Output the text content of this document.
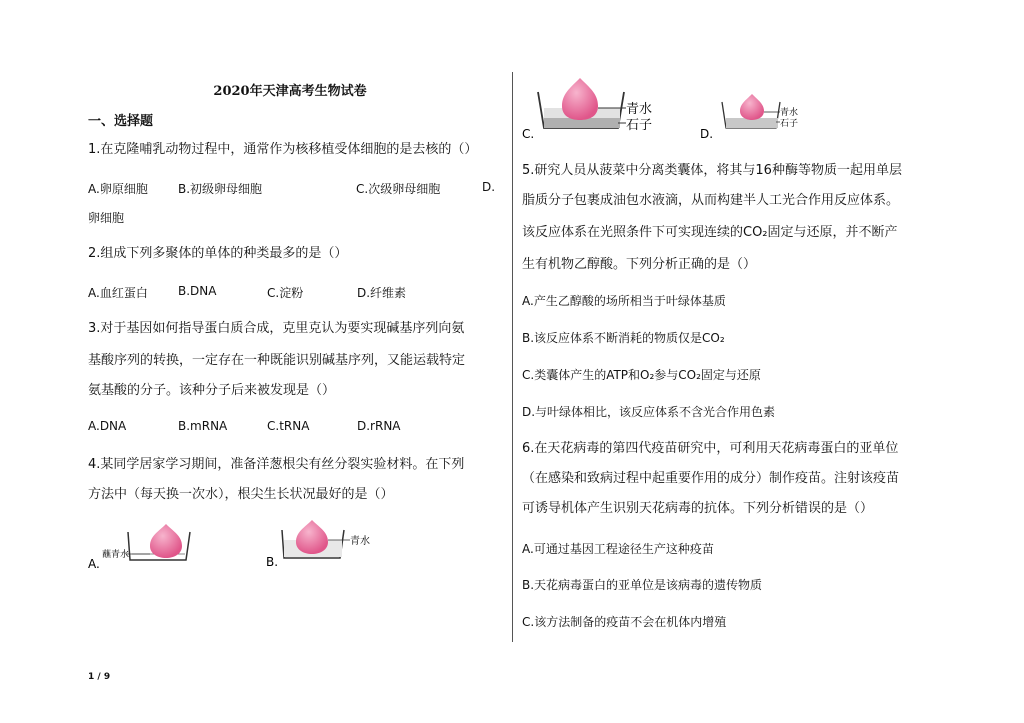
2020年天津高考生物试卷
一、选择题
1.在克隆哺乳动物过程中，通常作为核移植受体细胞的是去核的（）
A.卵原细胞	B.初级卵母细胞	C.次级卵母细胞	D.
卵细胞
2.组成下列多聚体的单体的种类最多的是（）
A.血红蛋白	B.DNA	C.淀粉	D.纤维素
3.对于基因如何指导蛋白质合成，克里克认为要实现碱基序列向氨
基酸序列的转换，一定存在一种既能识别碱基序列，又能运载特定
氨基酸的分子。该种分子后来被发现是（）
A.DNA	B.mRNA	C.tRNA	D.rRNA
4.某同学居家学习期间，准备洋葱根尖有丝分裂实验材料。在下列
方法中（每天换一次水），根尖生长状况最好的是（）
蘸青水
A.
青水
B.
青水
石子
C.
青水
石子
D.
5.研究人员从菠菜中分离类囊体，将其与16种酶等物质一起用单层
脂质分子包裹成油包水液滴，从而构建半人工光合作用反应体系。
该反应体系在光照条件下可实现连续的CO₂固定与还原，并不断产
生有机物乙醇酸。下列分析正确的是（）
A.产生乙醇酸的场所相当于叶绿体基质
B.该反应体系不断消耗的物质仅是CO₂
C.类囊体产生的ATP和O₂参与CO₂固定与还原
D.与叶绿体相比，该反应体系不含光合作用色素
6.在天花病毒的第四代疫苗研究中，可利用天花病毒蛋白的亚单位
（在感染和致病过程中起重要作用的成分）制作疫苗。注射该疫苗
可诱导机体产生识别天花病毒的抗体。下列分析错误的是（）
A.可通过基因工程途径生产这种疫苗
B.天花病毒蛋白的亚单位是该病毒的遗传物质
C.该方法制备的疫苗不会在机体内增殖
1 / 9
